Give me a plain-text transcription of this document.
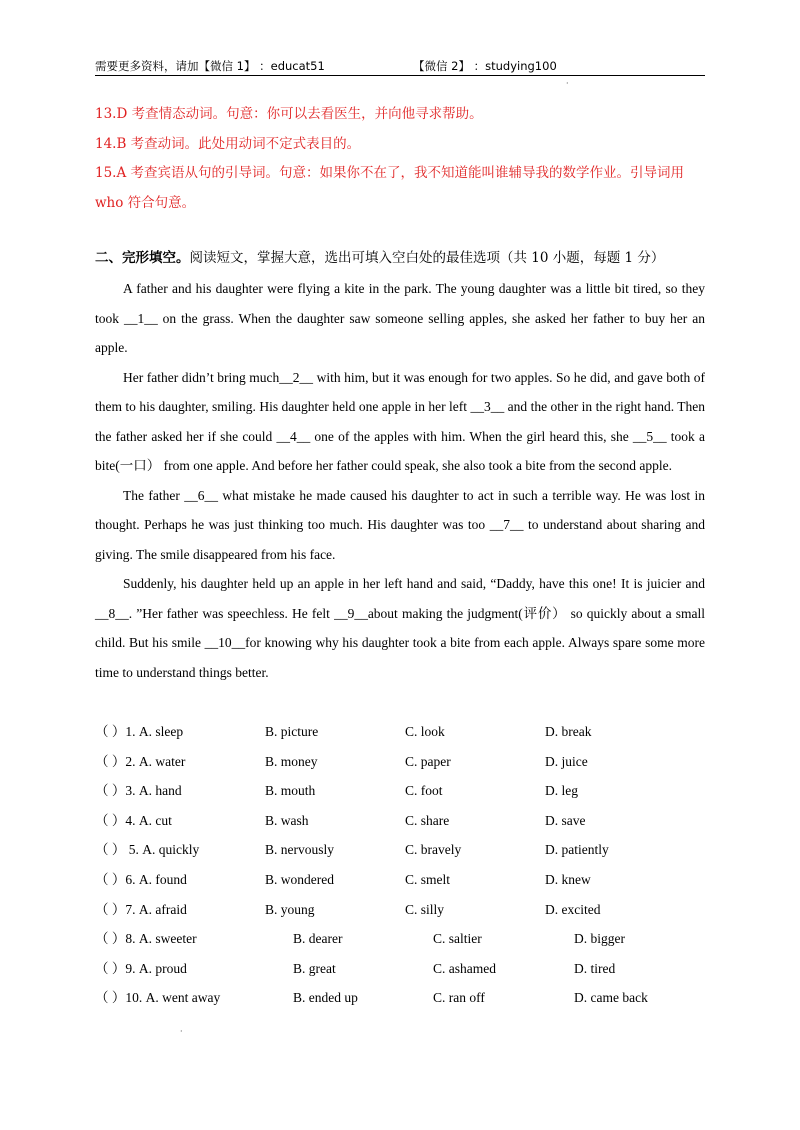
需要更多资料，请加【微信 1】 ：educat51	【微信 2】 ：studying100
·

13.D 考查情态动词。句意：你可以去看医生，并向他寻求帮助。

14.B 考查动词。此处用动词不定式表目的。

15.A 考查宾语从句的引导词。句意：如果你不在了，我不知道能叫谁辅导我的数学作业。引导词用 who 符合句意。

二、完形填空。阅读短文，掌握大意，选出可填入空白处的最佳选项（共 10 小题，每题 1 分）

A father and his daughter were flying a kite in the park. The young daughter was a little bit tired, so they took __1__ on the grass. When the daughter saw someone selling apples, she asked her father to buy her an apple.

Her father didn’t bring much__2__ with him, but it was enough for two apples. So he did, and gave both of them to his daughter, smiling. His daughter held one apple in her left __3__ and the other in the right hand. Then the father asked her if she could __4__ one of the apples with him. When the girl heard this, she __5__ took a bite(一口） from one apple. And before her father could speak, she also took a bite from the second apple.

The father __6__ what mistake he made caused his daughter to act in such a terrible way. He was lost in thought. Perhaps he was just thinking too much. His daughter was too __7__ to understand about sharing and giving. The smile disappeared from his face.

Suddenly, his daughter held up an apple in her left hand and said, “Daddy, have this one! It is juicier and __8__. ”Her father was speechless. He felt __9__about making the judgment(评价） so quickly about a small child. But his smile __10__for knowing why his daughter took a bite from each apple. Always spare some more time to understand things better.

（ ）1. A. sleep	B. picture	C. look	D. break
（ ）2. A. water	B. money	C. paper	D. juice
（ ）3. A. hand	B. mouth	C. foot	D. leg
（ ）4. A. cut	B. wash	C. share	D. save
（ ） 5. A. quickly	B. nervously	C. bravely	D. patiently
（ ）6. A. found	B. wondered	C. smelt	D. knew
（ ）7. A. afraid	B. young	C. silly	D. excited
（ ）8. A. sweeter	B. dearer	C. saltier	D. bigger
（ ）9. A. proud	B. great	C. ashamed	D. tired
（ ）10. A. went away	B. ended up	C. ran off	D. came back
·
